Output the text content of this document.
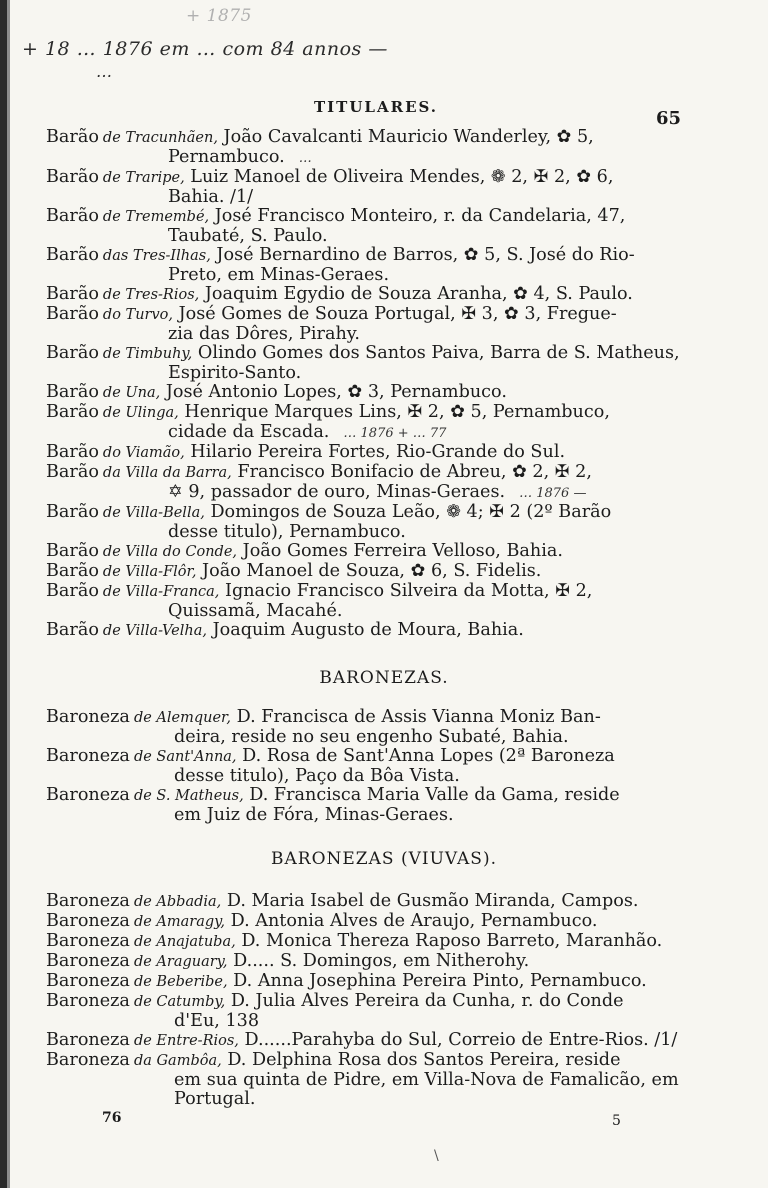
+ 1875
+ 18 … 1876 em … com 84 annos —
…
TITULARES.
65
Barão de Tracunhãen, João Cavalcanti Mauricio Wanderley, ✿ 5,
Pernambuco. …
Barão de Traripe, Luiz Manoel de Oliveira Mendes, ❁ 2, ✠ 2, ✿ 6,
Bahia. /1/
Barão de Tremembé, José Francisco Monteiro, r. da Candelaria, 47,
Taubaté, S. Paulo.
Barão das Tres-Ilhas, José Bernardino de Barros, ✿ 5, S. José do Rio-
Preto, em Minas-Geraes.
Barão de Tres-Rios, Joaquim Egydio de Souza Aranha, ✿ 4, S. Paulo.
Barão do Turvo, José Gomes de Souza Portugal, ✠ 3, ✿ 3, Fregue-
zia das Dôres, Pirahy.
Barão de Timbuhy, Olindo Gomes dos Santos Paiva, Barra de S. Matheus,
Espirito-Santo.
Barão de Una, José Antonio Lopes, ✿ 3, Pernambuco.
Barão de Ulinga, Henrique Marques Lins, ✠ 2, ✿ 5, Pernambuco,
cidade da Escada. … 1876 + … 77
Barão do Viamão, Hilario Pereira Fortes, Rio-Grande do Sul.
Barão da Villa da Barra, Francisco Bonifacio de Abreu, ✿ 2, ✠ 2,
✡ 9, passador de ouro, Minas-Geraes. … 1876 —
Barão de Villa-Bella, Domingos de Souza Leão, ❁ 4; ✠ 2 (2º Barão
desse titulo), Pernambuco.
Barão de Villa do Conde, João Gomes Ferreira Velloso, Bahia.
Barão de Villa-Flôr, João Manoel de Souza, ✿ 6, S. Fidelis.
Barão de Villa-Franca, Ignacio Francisco Silveira da Motta, ✠ 2,
Quissamã, Macahé.
Barão de Villa-Velha, Joaquim Augusto de Moura, Bahia.
BARONEZAS.
Baroneza de Alemquer, D. Francisca de Assis Vianna Moniz Ban-
deira, reside no seu engenho Subaté, Bahia.
Baroneza de Sant'Anna, D. Rosa de Sant'Anna Lopes (2ª Baroneza
desse titulo), Paço da Bôa Vista.
Baroneza de S. Matheus, D. Francisca Maria Valle da Gama, reside
em Juiz de Fóra, Minas-Geraes.
BARONEZAS (VIUVAS).
Baroneza de Abbadia, D. Maria Isabel de Gusmão Miranda, Campos.
Baroneza de Amaragy, D. Antonia Alves de Araujo, Pernambuco.
Baroneza de Anajatuba, D. Monica Thereza Raposo Barreto, Maranhão.
Baroneza de Araguary, D..... S. Domingos, em Nitherohy.
Baroneza de Beberibe, D. Anna Josephina Pereira Pinto, Pernambuco.
Baroneza de Catumby, D. Julia Alves Pereira da Cunha, r. do Conde
d'Eu, 138
Baroneza de Entre-Rios, D......Parahyba do Sul, Correio de Entre-Rios. /1/
Baroneza da Gambôa, D. Delphina Rosa dos Santos Pereira, reside
em sua quinta de Pidre, em Villa-Nova de Famalicão, em Portugal.
76	5
\
